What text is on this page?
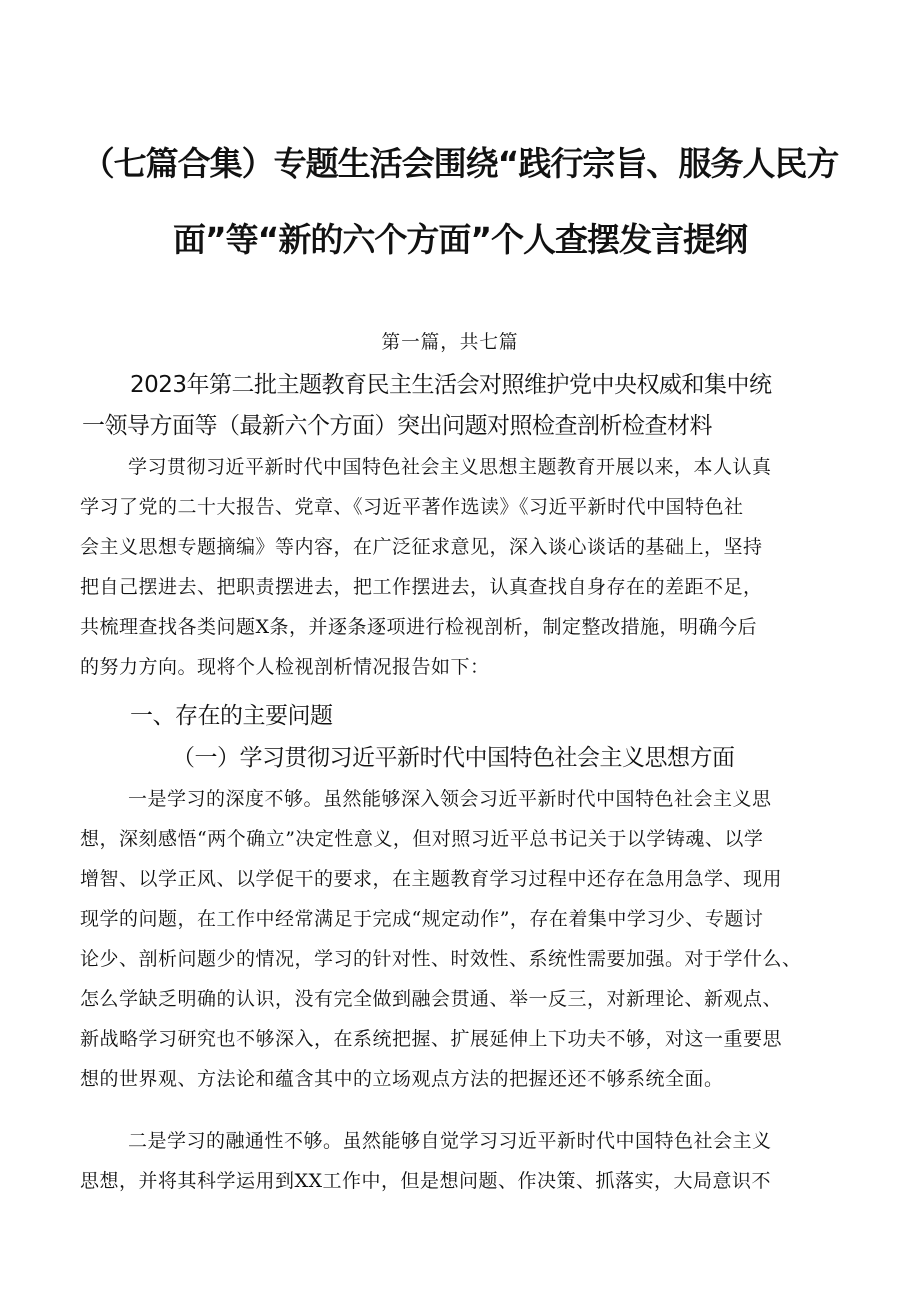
（七篇合集）专题生活会围绕“践行宗旨、服务人民方
面”等“新的六个方面”个人查摆发言提纲
第一篇，共七篇
2023年第二批主题教育民主生活会对照维护党中央权威和集中统
一领导方面等（最新六个方面）突出问题对照检查剖析检查材料
学习贯彻习近平新时代中国特色社会主义思想主题教育开展以来，本人认真
学习了党的二十大报告、党章、《习近平著作选读》《习近平新时代中国特色社
会主义思想专题摘编》等内容，在广泛征求意见，深入谈心谈话的基础上，坚持
把自己摆进去、把职责摆进去，把工作摆进去，认真查找自身存在的差距不足，
共梳理查找各类问题X条，并逐条逐项进行检视剖析，制定整改措施，明确今后
的努力方向。现将个人检视剖析情况报告如下：
一、存在的主要问题
（一）学习贯彻习近平新时代中国特色社会主义思想方面
一是学习的深度不够。虽然能够深入领会习近平新时代中国特色社会主义思
想，深刻感悟“两个确立”决定性意义，但对照习近平总书记关于以学铸魂、以学
增智、以学正风、以学促干的要求，在主题教育学习过程中还存在急用急学、现用
现学的问题，在工作中经常满足于完成“规定动作”，存在着集中学习少、专题讨
论少、剖析问题少的情况，学习的针对性、时效性、系统性需要加强。对于学什么、
怎么学缺乏明确的认识，没有完全做到融会贯通、举一反三，对新理论、新观点、
新战略学习研究也不够深入，在系统把握、扩展延伸上下功夫不够，对这一重要思
想的世界观、方法论和蕴含其中的立场观点方法的把握还还不够系统全面。
二是学习的融通性不够。虽然能够自觉学习习近平新时代中国特色社会主义
思想，并将其科学运用到XX工作中，但是想问题、作决策、抓落实，大局意识不
